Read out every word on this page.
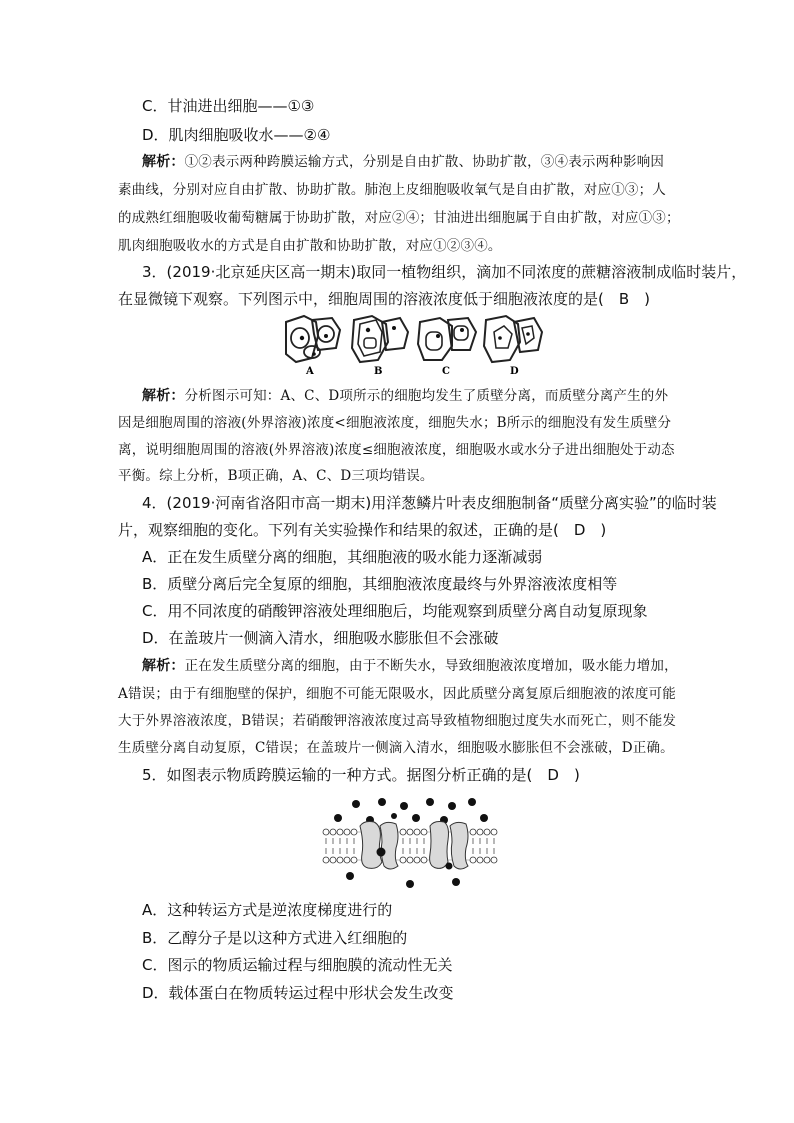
C．甘油进出细胞——①③
D．肌肉细胞吸收水——②④
解析：①②表示两种跨膜运输方式，分别是自由扩散、协助扩散，③④表示两种影响因
素曲线，分别对应自由扩散、协助扩散。肺泡上皮细胞吸收氧气是自由扩散，对应①③；人
的成熟红细胞吸收葡萄糖属于协助扩散，对应②④；甘油进出细胞属于自由扩散，对应①③；
肌肉细胞吸收水的方式是自由扩散和协助扩散，对应①②③④。
3．(2019·北京延庆区高一期末)取同一植物组织，滴加不同浓度的蔗糖溶液制成临时装片，
在显微镜下观察。下列图示中，细胞周围的溶液浓度低于细胞液浓度的是(　B　)
A	B	C	D
解析：分析图示可知：A、C、D项所示的细胞均发生了质壁分离，而质壁分离产生的外
因是细胞周围的溶液(外界溶液)浓度<细胞液浓度，细胞失水；B所示的细胞没有发生质壁分
离，说明细胞周围的溶液(外界溶液)浓度≤细胞液浓度，细胞吸水或水分子进出细胞处于动态
平衡。综上分析，B项正确，A、C、D三项均错误。
4．(2019·河南省洛阳市高一期末)用洋葱鳞片叶表皮细胞制备“质壁分离实验”的临时装
片，观察细胞的变化。下列有关实验操作和结果的叙述，正确的是(　D　)
A．正在发生质壁分离的细胞，其细胞液的吸水能力逐渐减弱
B．质壁分离后完全复原的细胞，其细胞液浓度最终与外界溶液浓度相等
C．用不同浓度的硝酸钾溶液处理细胞后，均能观察到质壁分离自动复原现象
D．在盖玻片一侧滴入清水，细胞吸水膨胀但不会涨破
解析：正在发生质壁分离的细胞，由于不断失水，导致细胞液浓度增加，吸水能力增加，
A错误；由于有细胞壁的保护，细胞不可能无限吸水，因此质壁分离复原后细胞液的浓度可能
大于外界溶液浓度，B错误；若硝酸钾溶液浓度过高导致植物细胞过度失水而死亡，则不能发
生质壁分离自动复原，C错误；在盖玻片一侧滴入清水，细胞吸水膨胀但不会涨破，D正确。
5．如图表示物质跨膜运输的一种方式。据图分析正确的是(　D　)
A．这种转运方式是逆浓度梯度进行的
B．乙醇分子是以这种方式进入红细胞的
C．图示的物质运输过程与细胞膜的流动性无关
D．载体蛋白在物质转运过程中形状会发生改变
